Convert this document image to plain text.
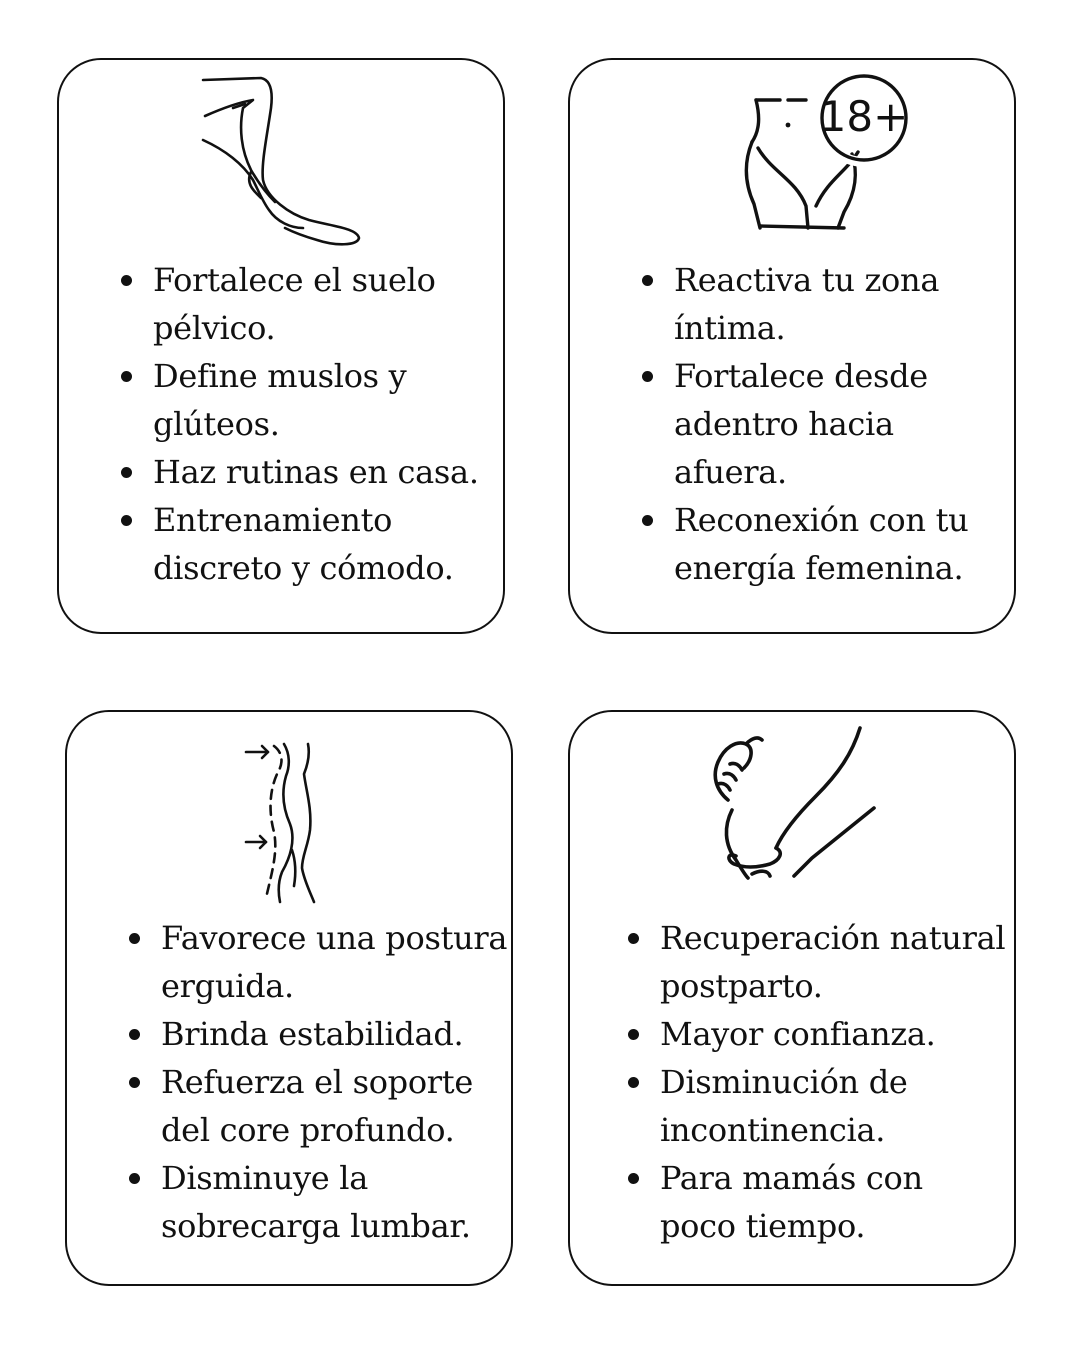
Fortalece el suelo pélvico.
Define muslos y glúteos.
Haz rutinas en casa.
Entrenamiento discreto y cómodo.
18+
Reactiva tu zona íntima.
Fortalece desde adentro hacia afuera.
Reconexión con tu energía femenina.
Favorece una postura erguida.
Brinda estabilidad.
Refuerza el soporte del core profundo.
Disminuye la sobrecarga lumbar.
Recuperación natural postparto.
Mayor confianza.
Disminución de incontinencia.
Para mamás con poco tiempo.
